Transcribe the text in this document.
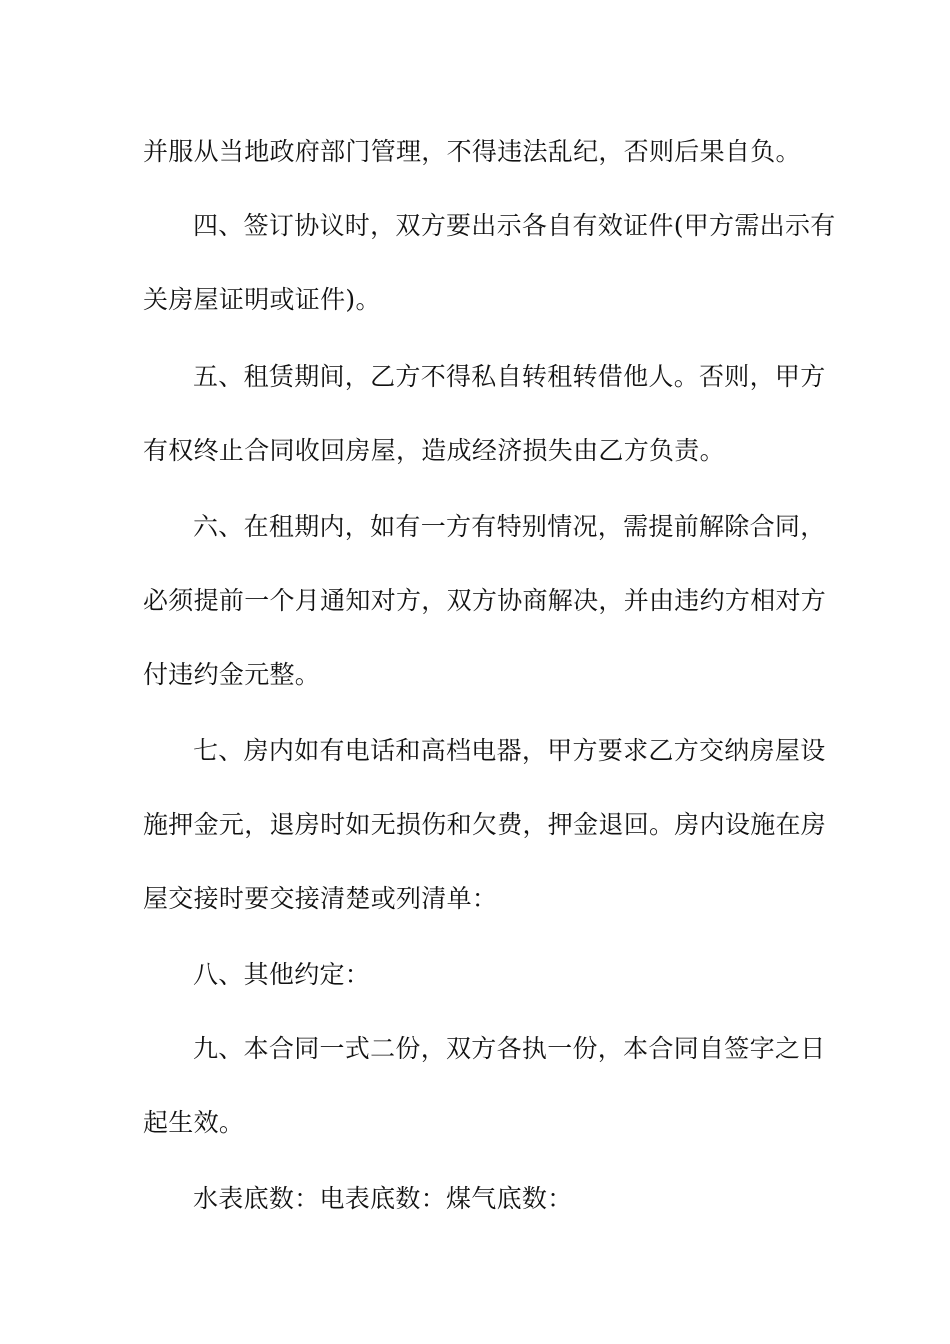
并服从当地政府部门管理，不得违法乱纪，否则后果自负。
四、签订协议时，双方要出示各自有效证件(甲方需出示有
关房屋证明或证件)。
五、租赁期间，乙方不得私自转租转借他人。否则，甲方
有权终止合同收回房屋，造成经济损失由乙方负责。
六、在租期内，如有一方有特别情况，需提前解除合同，
必须提前一个月通知对方，双方协商解决，并由违约方相对方
付违约金元整。
七、房内如有电话和高档电器，甲方要求乙方交纳房屋设
施押金元，退房时如无损伤和欠费，押金退回。房内设施在房
屋交接时要交接清楚或列清单：
八、其他约定：
九、本合同一式二份，双方各执一份，本合同自签字之日
起生效。
水表底数：电表底数：煤气底数：
